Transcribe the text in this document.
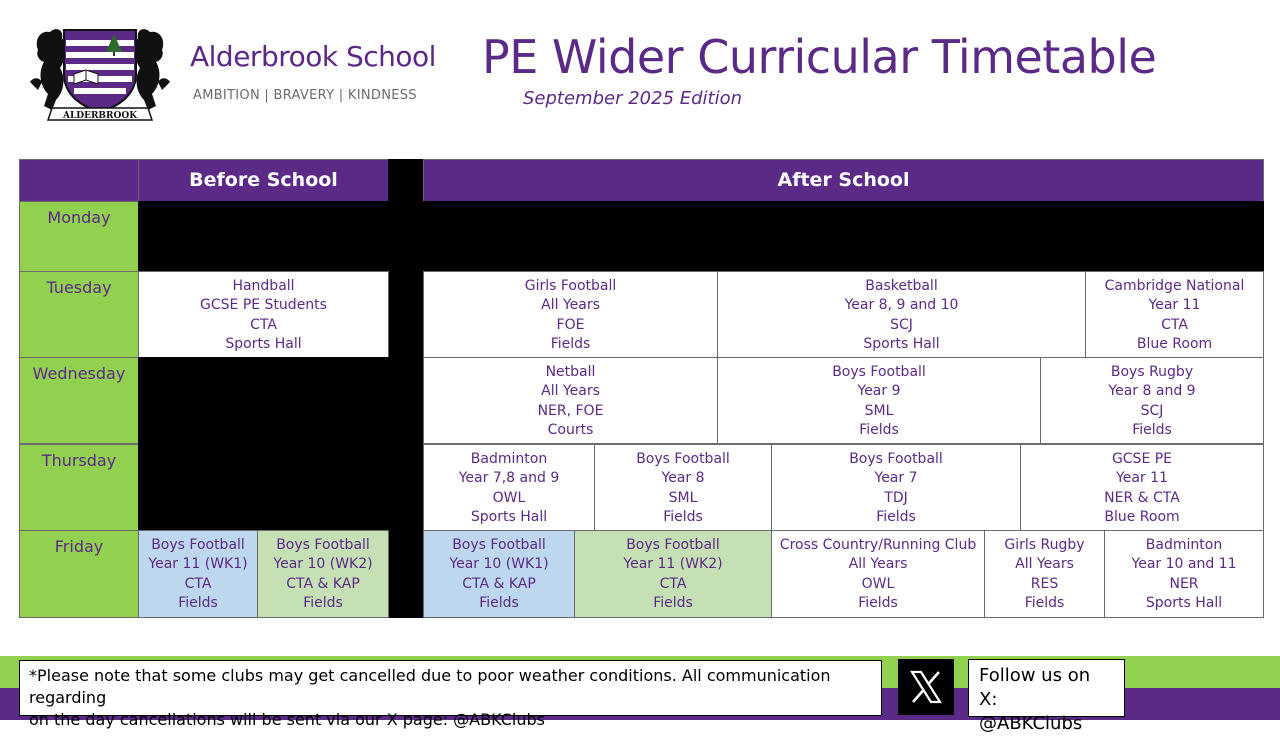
ALDERBROOK
Alderbrook School
AMBITION | BRAVERY | KINDNESS
PE Wider Curricular Timetable
September 2025 Edition
Before School	After School
Monday
Tuesday
Wednesday
Thursday
Friday
Handball
GCSE PE Students
CTA
Sports Hall
Girls Football
All Years
FOE
Fields
Basketball
Year 8, 9 and 10
SCJ
Sports Hall
Cambridge National
Year 11
CTA
Blue Room
Netball
All Years
NER, FOE
Courts
Boys Football
Year 9
SML
Fields
Boys Rugby
Year 8 and 9
SCJ
Fields
Badminton
Year 7,8 and 9
OWL
Sports Hall
Boys Football
Year 8
SML
Fields
Boys Football
Year 7
TDJ
Fields
GCSE PE
Year 11
NER & CTA
Blue Room
Boys Football
Year 11 (WK1)
CTA
Fields
Boys Football
Year 10 (WK2)
CTA & KAP
Fields
Boys Football
Year 10 (WK1)
CTA & KAP
Fields
Boys Football
Year 11 (WK2)
CTA
Fields
Cross Country/Running Club
All Years
OWL
Fields
Girls Rugby
All Years
RES
Fields
Badminton
Year 10 and 11
NER
Sports Hall
*Please note that some clubs may get cancelled due to poor weather conditions. All communication regarding
on the day cancellations will be sent via our X page: @ABKClubs
Follow us on X:
@ABKClubs
